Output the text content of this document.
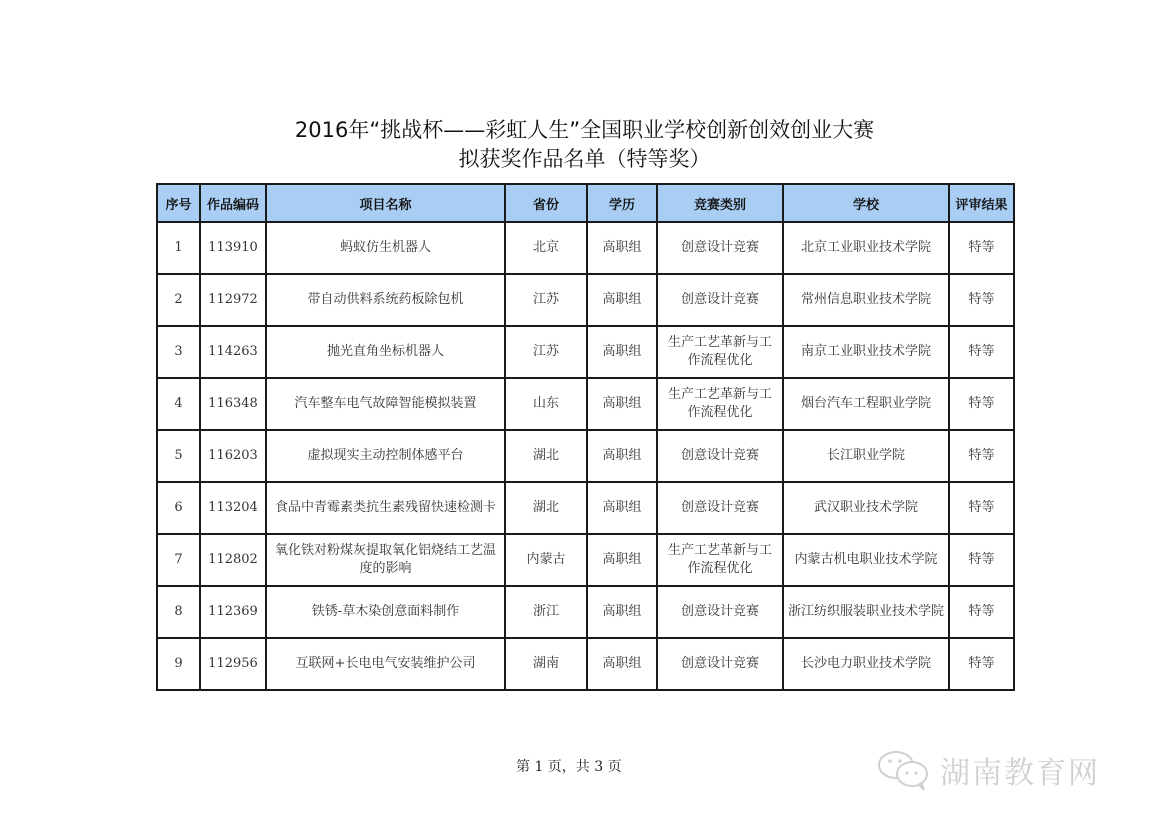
2016年“挑战杯——彩虹人生”全国职业学校创新创效创业大赛
拟获奖作品名单（特等奖）
序号	作品编码	项目名称	省份	学历	竞赛类别	学校	评审结果
1	113910	蚂蚁仿生机器人	北京	高职组	创意设计竞赛	北京工业职业技术学院	特等
2	112972	带自动供料系统药板除包机	江苏	高职组	创意设计竞赛	常州信息职业技术学院	特等
3	114263	抛光直角坐标机器人	江苏	高职组	生产工艺革新与工作流程优化	南京工业职业技术学院	特等
4	116348	汽车整车电气故障智能模拟装置	山东	高职组	生产工艺革新与工作流程优化	烟台汽车工程职业学院	特等
5	116203	虚拟现实主动控制体感平台	湖北	高职组	创意设计竞赛	长江职业学院	特等
6	113204	食品中青霉素类抗生素残留快速检测卡	湖北	高职组	创意设计竞赛	武汉职业技术学院	特等
7	112802	氧化铁对粉煤灰提取氧化铝烧结工艺温度的影响	内蒙古	高职组	生产工艺革新与工作流程优化	内蒙古机电职业技术学院	特等
8	112369	铁锈-草木染创意面料制作	浙江	高职组	创意设计竞赛	浙江纺织服装职业技术学院	特等
9	112956	互联网+长电电气安装维护公司	湖南	高职组	创意设计竞赛	长沙电力职业技术学院	特等
第 1 页，共 3 页	湖南教育网
